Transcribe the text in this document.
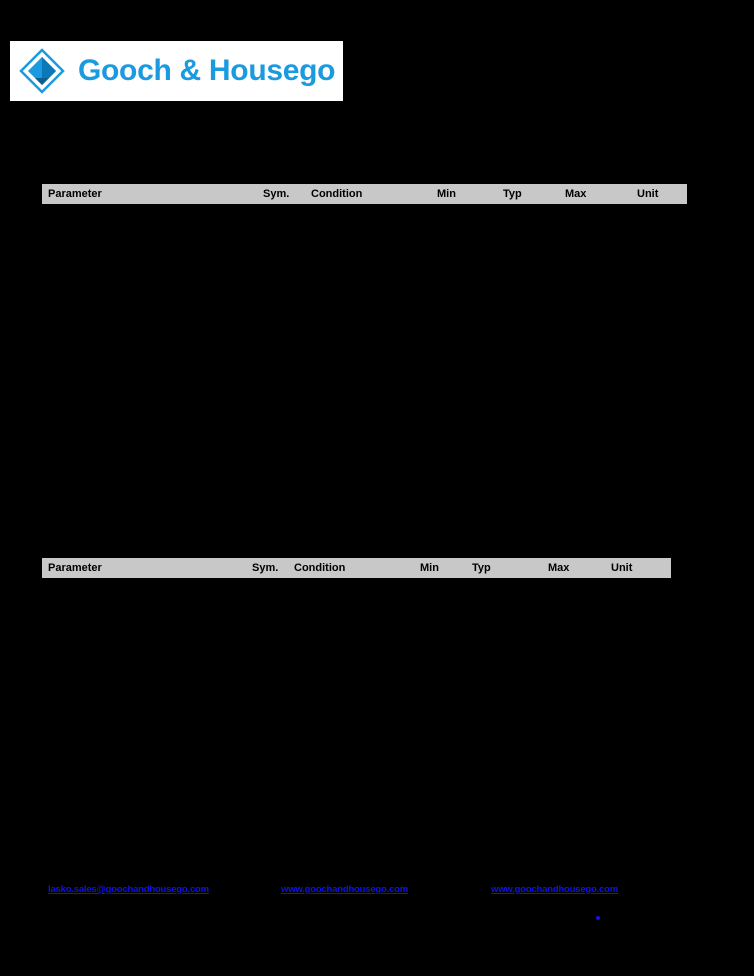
Gooch & Housego
Parameter	Sym.	Condition	Min	Typ	Max	Unit
Parameter	Sym.	Condition	Min	Typ	Max	Unit
lasko.sales@goochandhousego.com	www.goochandhousego.com	www.goochandhousego.com
